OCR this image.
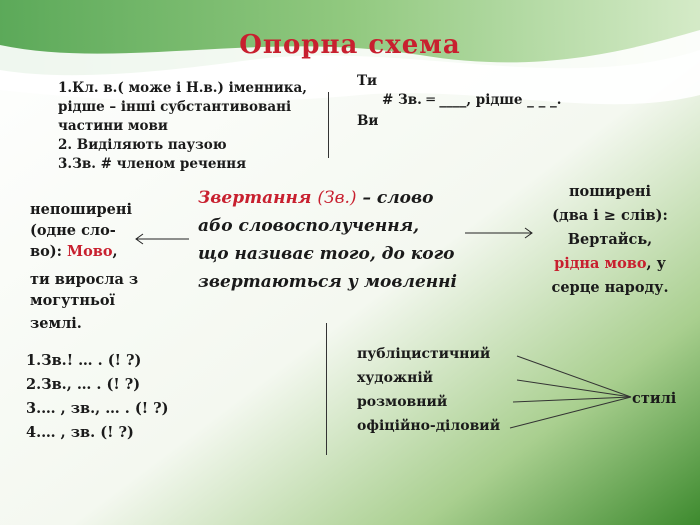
Опорна схема
1.Кл. в.( може і Н.в.) іменника,
рідше – інші субстантивовані
частини мови
2. Виділяють паузою
3.Зв. # членом речення
Ти
# Зв. ═ ____, рідше _ _ _.
Ви
Звертання (Зв.) – слово
або словосполучення,
що називає того, до кого
звертаються у мовленні
непоширені
(одне сло-
во): Мово,
ти виросла з
могутньої
землі.
поширені
(два і ≥ слів):
Вертайсь,
рідна мово, у
серце народу.
1.Зв.! … . (! ?)
2.Зв., … . (! ?)
3.… , зв., … . (! ?)
4.… , зв. (! ?)
публіцистичний
художній
розмовний
офіційно-діловий
стилі
